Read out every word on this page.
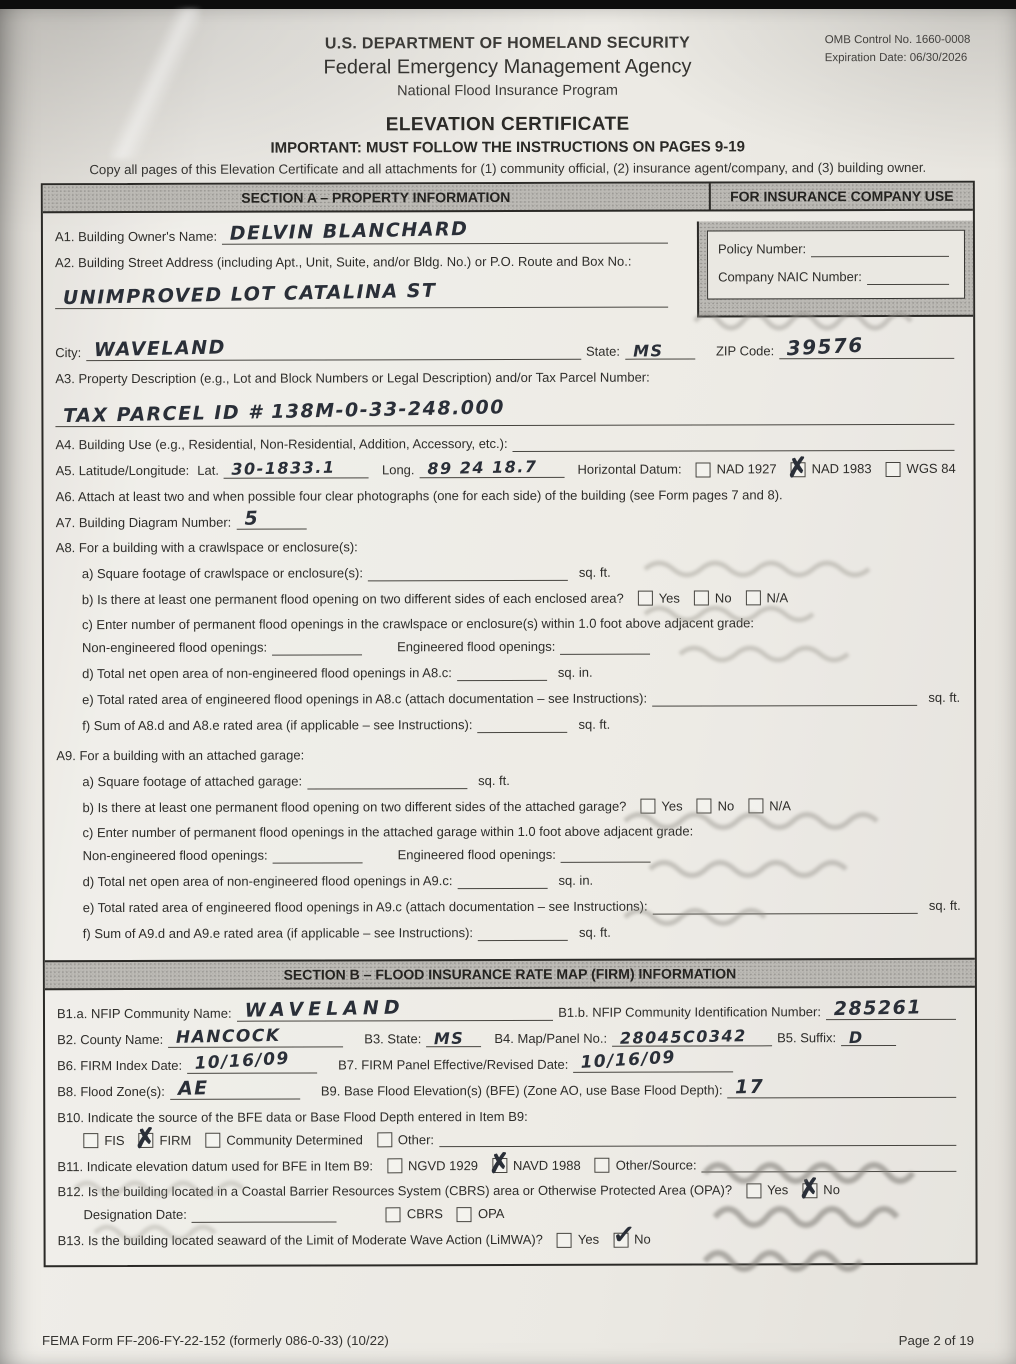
OMB Control No. 1660-0008
Expiration Date: 06/30/2026
U.S. DEPARTMENT OF HOMELAND SECURITY
Federal Emergency Management Agency
National Flood Insurance Program
ELEVATION CERTIFICATE
IMPORTANT: MUST FOLLOW THE INSTRUCTIONS ON PAGES 9-19
Copy all pages of this Elevation Certificate and all attachments for (1) community official, (2) insurance agent/company, and (3) building owner.
SECTION A – PROPERTY INFORMATION	FOR INSURANCE COMPANY USE
Policy Number:
Company NAIC Number:
A1. Building Owner's Name: DELVIN BLANCHARD
A2. Building Street Address (including Apt., Unit, Suite, and/or Bldg. No.) or P.O. Route and Box No.:
UNIMPROVED LOT CATALINA ST
City: WAVELAND	State: MS	ZIP Code: 39576
A3. Property Description (e.g., Lot and Block Numbers or Legal Description) and/or Tax Parcel Number:
TAX PARCEL ID # 138M-0-33-248.000
A4. Building Use (e.g., Residential, Non-Residential, Addition, Accessory, etc.):
A5. Latitude/Longitude: Lat. 30-1833.1	Long. 89 24 18.7	Horizontal Datum:	NAD 1927 ✗	NAD 1983	WGS 84
A6. Attach at least two and when possible four clear photographs (one for each side) of the building (see Form pages 7 and 8).
A7. Building Diagram Number: 5
A8. For a building with a crawlspace or enclosure(s):
a) Square footage of crawlspace or enclosure(s):	sq. ft.
b) Is there at least one permanent flood opening on two different sides of each enclosed area?	Yes	No	N/A
c) Enter number of permanent flood openings in the crawlspace or enclosure(s) within 1.0 foot above adjacent grade:
Non-engineered flood openings:	Engineered flood openings:
d) Total net open area of non-engineered flood openings in A8.c:	sq. in.
e) Total rated area of engineered flood openings in A8.c (attach documentation – see Instructions):	sq. ft.
f) Sum of A8.d and A8.e rated area (if applicable – see Instructions):	sq. ft.
A9. For a building with an attached garage:
a) Square footage of attached garage:	sq. ft.
b) Is there at least one permanent flood opening on two different sides of the attached garage?	Yes	No	N/A
c) Enter number of permanent flood openings in the attached garage within 1.0 foot above adjacent grade:
Non-engineered flood openings:	Engineered flood openings:
d) Total net open area of non-engineered flood openings in A9.c:	sq. in.
e) Total rated area of engineered flood openings in A9.c (attach documentation – see Instructions):	sq. ft.
f) Sum of A9.d and A9.e rated area (if applicable – see Instructions):	sq. ft.
SECTION B – FLOOD INSURANCE RATE MAP (FIRM) INFORMATION
B1.a. NFIP Community Name: WAVELAND	B1.b. NFIP Community Identification Number: 285261
B2. County Name: HANCOCK	B3. State: MS B4. Map/Panel No.: 28045C0342 B5. Suffix: D
B6. FIRM Index Date: 10/16/09	B7. FIRM Panel Effective/Revised Date: 10/16/09
B8. Flood Zone(s): AE	B9. Base Flood Elevation(s) (BFE) (Zone AO, use Base Flood Depth): 17
B10. Indicate the source of the BFE data or Base Flood Depth entered in Item B9:
FIS ✗	FIRM	Community Determined	Other:
B11. Indicate elevation datum used for BFE in Item B9:	NGVD 1929 ✗	NAVD 1988	Other/Source:
B12. Is the building located in a Coastal Barrier Resources System (CBRS) area or Otherwise Protected Area (OPA)?	Yes ✗	No
Designation Date:	CBRS	OPA
B13. Is the building located seaward of the Limit of Moderate Wave Action (LiMWA)?	Yes ✓	No
FEMA Form FF-206-FY-22-152 (formerly 086-0-33) (10/22)	Page 2 of 19
